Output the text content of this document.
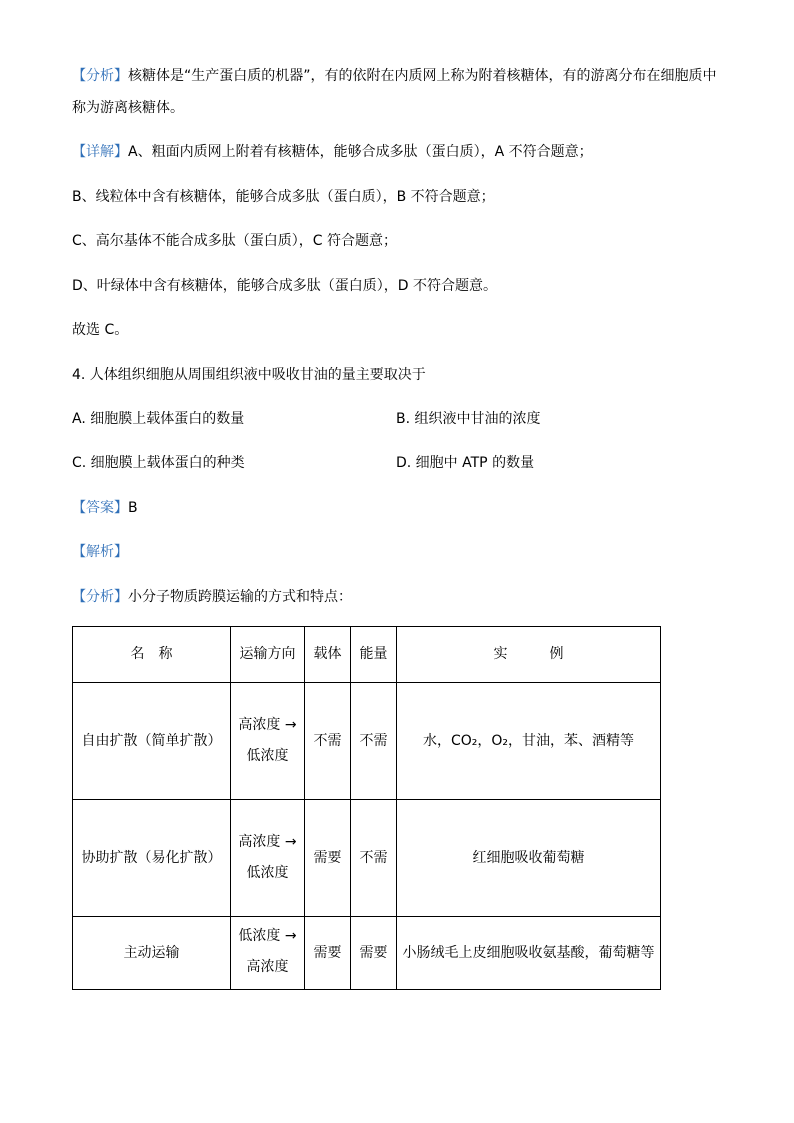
【分析】核糖体是“生产蛋白质的机器”，有的依附在内质网上称为附着核糖体，有的游离分布在细胞质中
称为游离核糖体。
【详解】A、粗面内质网上附着有核糖体，能够合成多肽（蛋白质），A 不符合题意；
B、线粒体中含有核糖体，能够合成多肽（蛋白质），B 不符合题意；
C、高尔基体不能合成多肽（蛋白质），C 符合题意；
D、叶绿体中含有核糖体，能够合成多肽（蛋白质），D 不符合题意。
故选 C。
4. 人体组织细胞从周围组织液中吸收甘油的量主要取决于
A. 细胞膜上载体蛋白的数量	B. 组织液中甘油的浓度
C. 细胞膜上载体蛋白的种类	D. 细胞中 ATP 的数量
【答案】B
【解析】
【分析】小分子物质跨膜运输的方式和特点：
名　称	运输方向	载体	能量	实　　　例
自由扩散（简单扩散）	高浓度 → 低浓度	不需	不需	水，CO₂，O₂，甘油，苯、酒精等
协助扩散（易化扩散）	高浓度 → 低浓度	需要	不需	红细胞吸收葡萄糖
主动运输	低浓度 → 高浓度	需要	需要	小肠绒毛上皮细胞吸收氨基酸，葡萄糖等
